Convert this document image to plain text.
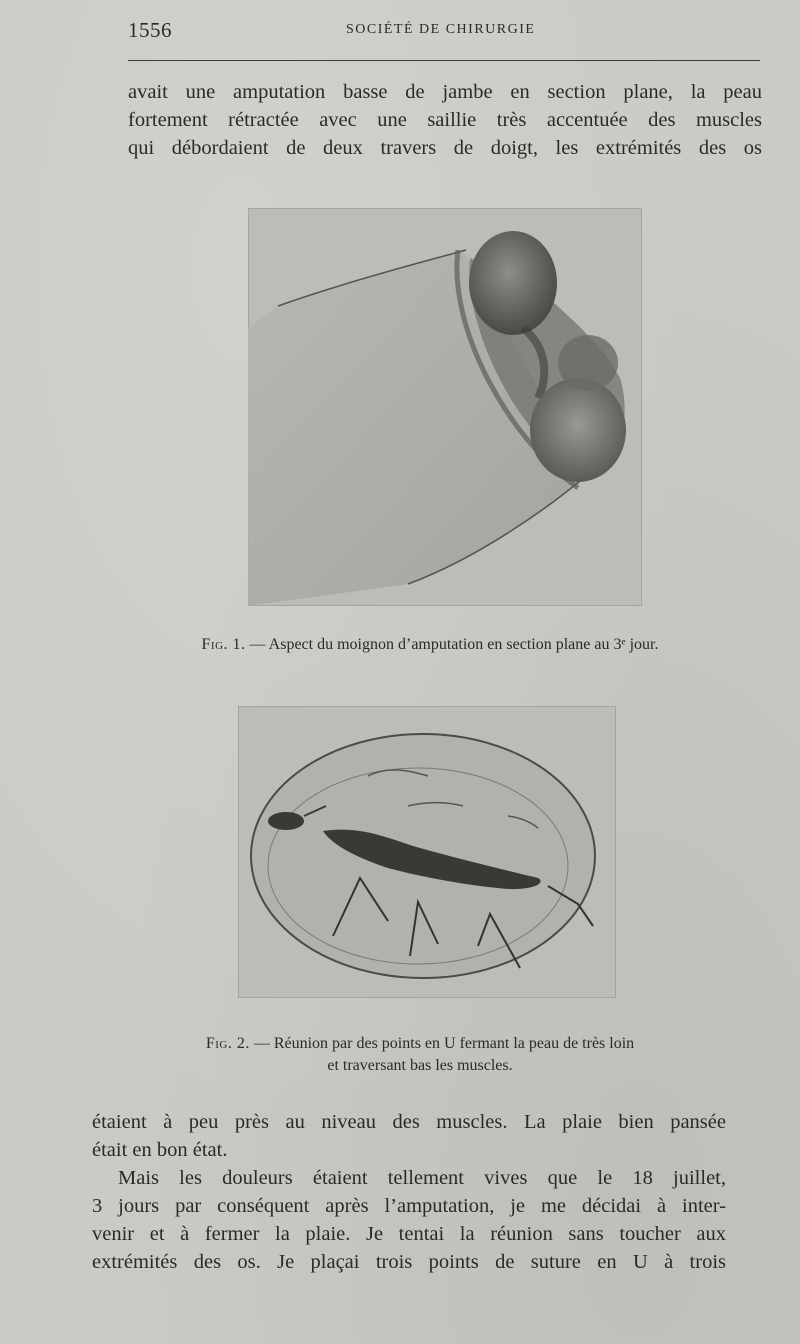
1556	SOCIÉTÉ DE CHIRURGIE

avait une amputation basse de jambe en section plane, la peau
fortement rétractée avec une saillie très accentuée des muscles
qui débordaient de deux travers de doigt, les extrémités des os

Fig. 1. — Aspect du moignon d’amputation en section plane au 3ᵉ jour.
Fig. 2. — Réunion par des points en U fermant la peau de très loin
et traversant bas les muscles.

étaient à peu près au niveau des muscles. La plaie bien pansée
était en bon état.
Mais les douleurs étaient tellement vives que le 18 juillet,
3 jours par conséquent après l’amputation, je me décidai à inter-
venir et à fermer la plaie. Je tentai la réunion sans toucher aux
extrémités des os. Je plaçai trois points de suture en U à trois
